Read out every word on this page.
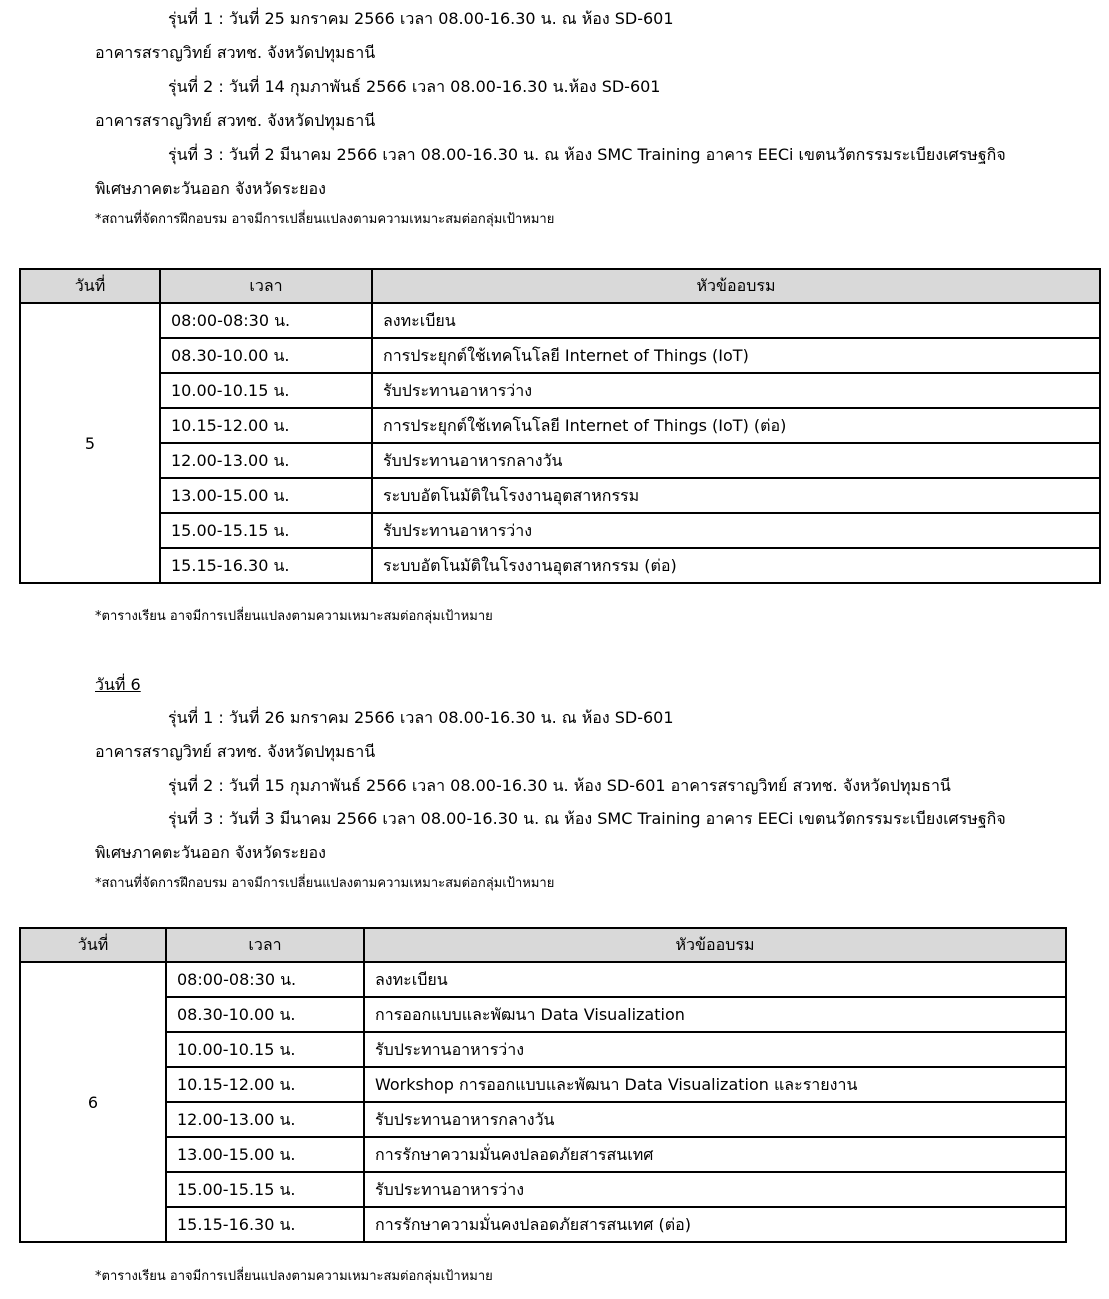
รุ่นที่ 1 : วันที่ 25 มกราคม 2566 เวลา 08.00-16.30 น. ณ ห้อง SD-601
อาคารสราญวิทย์ สวทช. จังหวัดปทุมธานี
รุ่นที่ 2 : วันที่ 14 กุมภาพันธ์ 2566 เวลา 08.00-16.30 น.ห้อง SD-601
อาคารสราญวิทย์ สวทช. จังหวัดปทุมธานี
รุ่นที่ 3 : วันที่ 2 มีนาคม 2566 เวลา 08.00-16.30 น. ณ ห้อง SMC Training อาคาร EECi เขตนวัตกรรมระเบียงเศรษฐกิจ
พิเศษภาคตะวันออก จังหวัดระยอง
*สถานที่จัดการฝึกอบรม อาจมีการเปลี่ยนแปลงตามความเหมาะสมต่อกลุ่มเป้าหมาย
วันที่	เวลา	หัวข้ออบรม
5	08:00-08:30 น.	ลงทะเบียน
	08.30-10.00 น.	การประยุกต์ใช้เทคโนโลยี Internet of Things (IoT)
	10.00-10.15 น.	รับประทานอาหารว่าง
	10.15-12.00 น.	การประยุกต์ใช้เทคโนโลยี Internet of Things (IoT) (ต่อ)
	12.00-13.00 น.	รับประทานอาหารกลางวัน
	13.00-15.00 น.	ระบบอัตโนมัติในโรงงานอุตสาหกรรม
	15.00-15.15 น.	รับประทานอาหารว่าง
	15.15-16.30 น.	ระบบอัตโนมัติในโรงงานอุตสาหกรรม (ต่อ)
*ตารางเรียน อาจมีการเปลี่ยนแปลงตามความเหมาะสมต่อกลุ่มเป้าหมาย
วันที่ 6
รุ่นที่ 1 : วันที่ 26 มกราคม 2566 เวลา 08.00-16.30 น. ณ ห้อง SD-601
อาคารสราญวิทย์ สวทช. จังหวัดปทุมธานี
รุ่นที่ 2 : วันที่ 15 กุมภาพันธ์ 2566 เวลา 08.00-16.30 น. ห้อง SD-601 อาคารสราญวิทย์ สวทช. จังหวัดปทุมธานี
รุ่นที่ 3 : วันที่ 3 มีนาคม 2566 เวลา 08.00-16.30 น. ณ ห้อง SMC Training อาคาร EECi เขตนวัตกรรมระเบียงเศรษฐกิจ
พิเศษภาคตะวันออก จังหวัดระยอง
*สถานที่จัดการฝึกอบรม อาจมีการเปลี่ยนแปลงตามความเหมาะสมต่อกลุ่มเป้าหมาย
วันที่	เวลา	หัวข้ออบรม
6	08:00-08:30 น.	ลงทะเบียน
	08.30-10.00 น.	การออกแบบและพัฒนา Data Visualization
	10.00-10.15 น.	รับประทานอาหารว่าง
	10.15-12.00 น.	Workshop การออกแบบและพัฒนา Data Visualization และรายงาน
	12.00-13.00 น.	รับประทานอาหารกลางวัน
	13.00-15.00 น.	การรักษาความมั่นคงปลอดภัยสารสนเทศ
	15.00-15.15 น.	รับประทานอาหารว่าง
	15.15-16.30 น.	การรักษาความมั่นคงปลอดภัยสารสนเทศ (ต่อ)
*ตารางเรียน อาจมีการเปลี่ยนแปลงตามความเหมาะสมต่อกลุ่มเป้าหมาย
